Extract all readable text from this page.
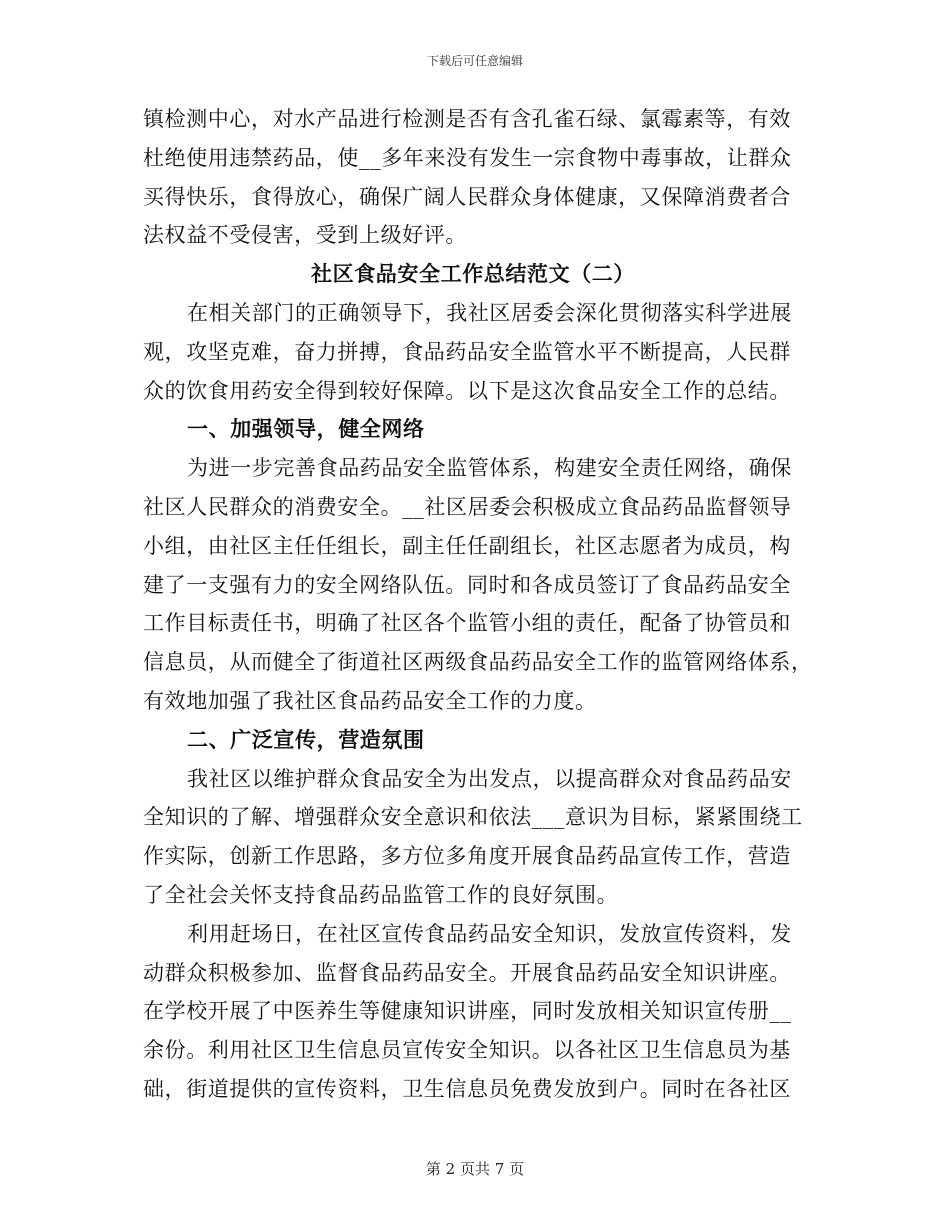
下载后可任意编辑
镇检测中心，对水产品进行检测是否有含孔雀石绿、氯霉素等，有效
杜绝使用违禁药品，使__多年来没有发生一宗食物中毒事故，让群众
买得快乐，食得放心，确保广阔人民群众身体健康，又保障消费者合
法权益不受侵害，受到上级好评。
社区食品安全工作总结范文（二）
在相关部门的正确领导下，我社区居委会深化贯彻落实科学进展
观，攻坚克难，奋力拼搏，食品药品安全监管水平不断提高，人民群
众的饮食用药安全得到较好保障。以下是这次食品安全工作的总结。
一、加强领导，健全网络
为进一步完善食品药品安全监管体系，构建安全责任网络，确保
社区人民群众的消费安全。__社区居委会积极成立食品药品监督领导
小组，由社区主任任组长，副主任任副组长，社区志愿者为成员，构
建了一支强有力的安全网络队伍。同时和各成员签订了食品药品安全
工作目标责任书，明确了社区各个监管小组的责任，配备了协管员和
信息员，从而健全了街道社区两级食品药品安全工作的监管网络体系，
有效地加强了我社区食品药品安全工作的力度。
二、广泛宣传，营造氛围
我社区以维护群众食品安全为出发点，以提高群众对食品药品安
全知识的了解、增强群众安全意识和依法___意识为目标，紧紧围绕工
作实际，创新工作思路，多方位多角度开展食品药品宣传工作，营造
了全社会关怀支持食品药品监管工作的良好氛围。
利用赶场日，在社区宣传食品药品安全知识，发放宣传资料，发
动群众积极参加、监督食品药品安全。开展食品药品安全知识讲座。
在学校开展了中医养生等健康知识讲座，同时发放相关知识宣传册__
余份。利用社区卫生信息员宣传安全知识。以各社区卫生信息员为基
础，街道提供的宣传资料，卫生信息员免费发放到户。同时在各社区
第 2 页共 7 页
